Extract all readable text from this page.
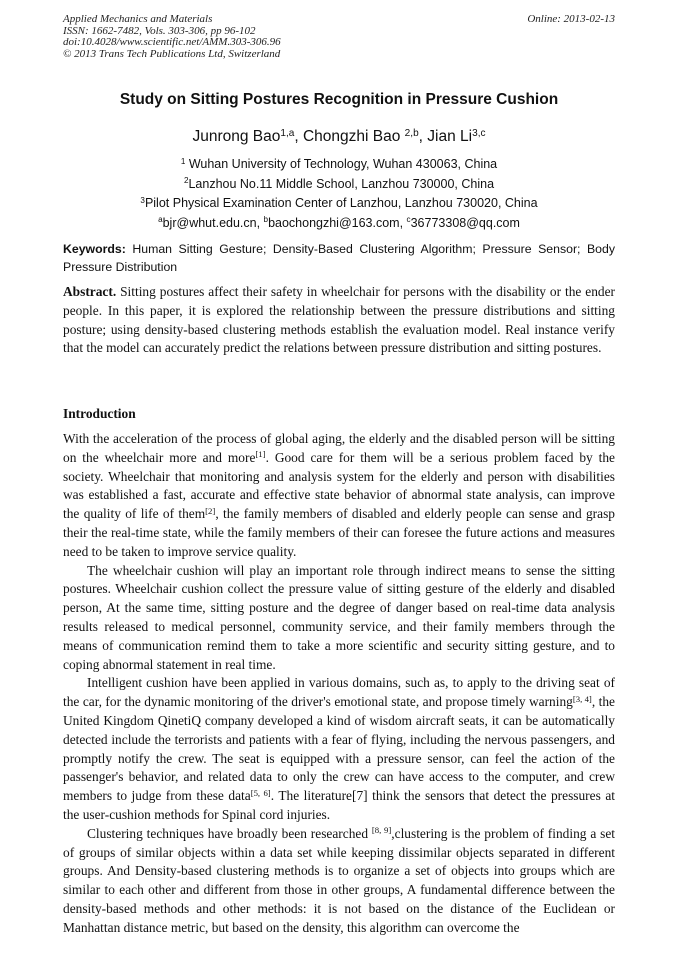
Applied Mechanics and Materials
ISSN: 1662-7482, Vols. 303-306, pp 96-102
doi:10.4028/www.scientific.net/AMM.303-306.96
© 2013 Trans Tech Publications Ltd, Switzerland
Online: 2013-02-13
Study on Sitting Postures Recognition in Pressure Cushion
Junrong Bao$^{1,a}$, Chongzhi Bao $^{2,b}$, Jian Li$^{3,c}$
$^1$ Wuhan University of Technology, Wuhan 430063, China
$^2$Lanzhou No.11 Middle School, Lanzhou 730000, China
$^3$Pilot Physical Examination Center of Lanzhou, Lanzhou 730020, China
$^a$bjr@whut.edu.cn, $^b$baochongzhi@163.com, $^c$36773308@qq.com
Keywords: Human Sitting Gesture; Density-Based Clustering Algorithm; Pressure Sensor; Body Pressure Distribution
Abstract. Sitting postures affect their safety in wheelchair for persons with the disability or the ender people. In this paper, it is explored the relationship between the pressure distributions and sitting posture; using density-based clustering methods establish the evaluation model. Real instance verify that the model can accurately predict the relations between pressure distribution and sitting postures.
Introduction

With the acceleration of the process of global aging, the elderly and the disabled person will be sitting on the wheelchair more and more[1]. Good care for them will be a serious problem faced by the society. Wheelchair that monitoring and analysis system for the elderly and person with disabilities was established a fast, accurate and effective state behavior of abnormal state analysis, can improve the quality of life of them[2], the family members of disabled and elderly people can sense and grasp their the real-time state, while the family members of their can foresee the future actions and measures need to be taken to improve service quality.

The wheelchair cushion will play an important role through indirect means to sense the sitting postures. Wheelchair cushion collect the pressure value of sitting gesture of the elderly and disabled person, At the same time, sitting posture and the degree of danger based on real-time data analysis results released to medical personnel, community service, and their family members through the means of communication remind them to take a more scientific and security sitting gesture, and to coping abnormal statement in real time.

Intelligent cushion have been applied in various domains, such as, to apply to the driving seat of the car, for the dynamic monitoring of the driver's emotional state, and propose timely warning[3, 4], the United Kingdom QinetiQ company developed a kind of wisdom aircraft seats, it can be automatically detected include the terrorists and patients with a fear of flying, including the nervous passengers, and promptly notify the crew. The seat is equipped with a pressure sensor, can feel the action of the passenger's behavior, and related data to only the crew can have access to the computer, and crew members to judge from these data[5, 6]. The literature[7] think the sensors that detect the pressures at the user-cushion methods for Spinal cord injuries.

Clustering techniques have broadly been researched [8, 9],clustering is the problem of finding a set of groups of similar objects within a data set while keeping dissimilar objects separated in different groups. And Density-based clustering methods is to organize a set of objects into groups which are similar to each other and different from those in other groups, A fundamental difference between the density-based methods and other methods: it is not based on the distance of the Euclidean or Manhattan distance metric, but based on the density, this algorithm can overcome the
